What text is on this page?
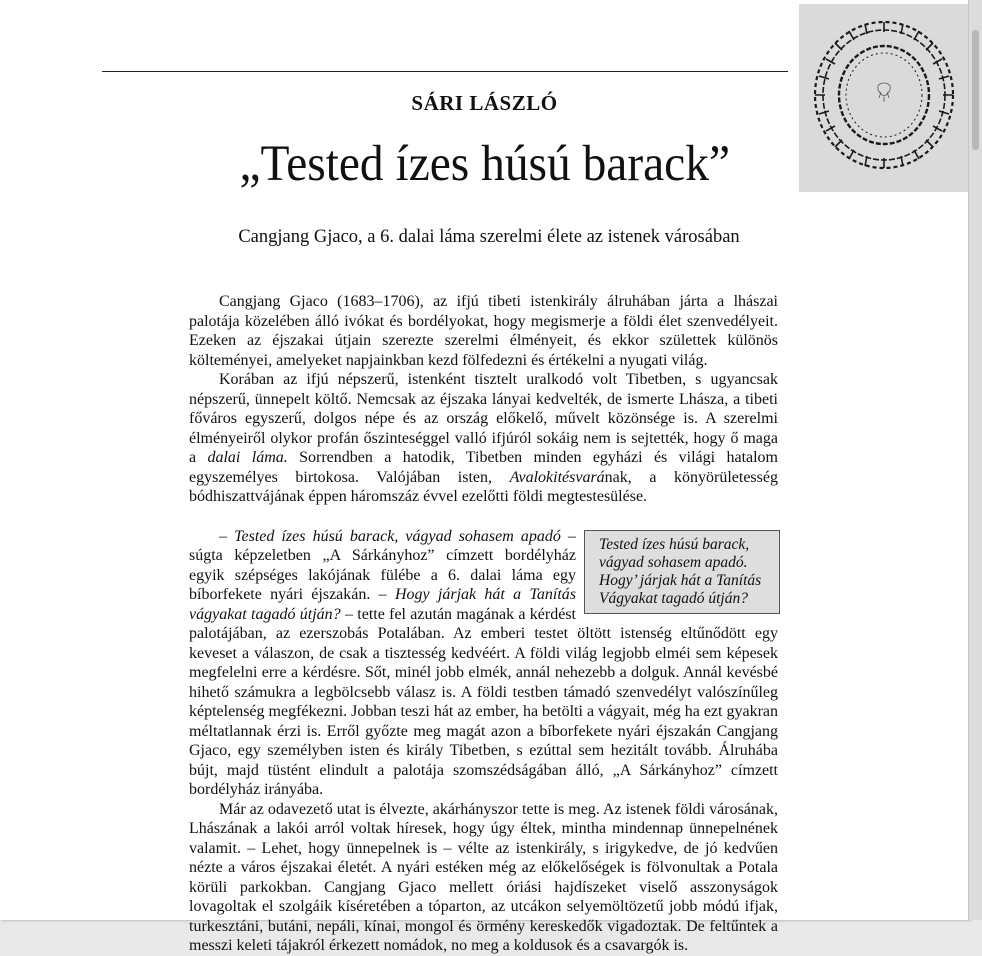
SÁRI LÁSZLÓ
„Tested ízes húsú barack”
Cangjang Gjaco, a 6. dalai láma szerelmi élete az istenek városában

Cangjang Gjaco (1683–1706), az ifjú tibeti istenkirály álruhában járta a lhászai palotája közelében álló ivókat és bordélyokat, hogy megismerje a földi élet szenvedélyeit. Ezeken az éjszakai útjain szerezte szerelmi élményeit, és ekkor születtek különös költeményei, amelyeket napjainkban kezd fölfedezni és értékelni a nyugati világ.

Korában az ifjú népszerű, istenként tisztelt uralkodó volt Tibetben, s ugyancsak népszerű, ünnepelt költő. Nemcsak az éjszaka lányai kedvelték, de ismerte Lhásza, a tibeti főváros egyszerű, dolgos népe és az ország előkelő, művelt közönsége is. A szerelmi élményeiről olykor profán őszinteséggel valló ifjúról sokáig nem is sejtették, hogy ő maga a dalai láma. Sorrendben a hatodik, Tibetben minden egyházi és világi hatalom egyszemélyes birtokosa. Valójában isten, Avalokitésvarának, a könyörületesség bódhiszattvájának éppen háromszáz évvel ezelőtti földi megtestesülése.

Tested ízes húsú barack, vágyad sohasem apadó. Hogy’ járjak hát a Tanítás Vágyakat tagadó útján?
– Tested ízes húsú barack, vágyad sohasem apadó – súgta képzeletben „A Sárkányhoz” címzett bordélyház egyik szépséges lakójának fülébe a 6. dalai láma egy bíborfekete nyári éjszakán. – Hogy járjak hát a Tanítás vágyakat tagadó útján? – tette fel azután magának a kérdést palotájában, az ezerszobás Potalában. Az emberi testet öltött istenség eltűnődött egy keveset a válaszon, de csak a tisztesség kedvéért. A földi világ legjobb elméi sem képesek megfelelni erre a kérdésre. Sőt, minél jobb elmék, annál nehezebb a dolguk. Annál kevésbé hihető számukra a legbölcsebb válasz is. A földi testben támadó szenvedélyt valószínűleg képtelenség megfékezni. Jobban teszi hát az ember, ha betölti a vágyait, még ha ezt gyakran méltatlannak érzi is. Erről győzte meg magát azon a bíborfekete nyári éjszakán Cangjang Gjaco, egy személyben isten és király Tibetben, s ezúttal sem hezitált tovább. Álruhába bújt, majd tüstént elindult a palotája szomszédságában álló, „A Sárkányhoz” címzett bordélyház irányába.

Már az odavezető utat is élvezte, akárhányszor tette is meg. Az istenek földi városának, Lhászának a lakói arról voltak híresek, hogy úgy éltek, mintha mindennap ünnepelnének valamit. – Lehet, hogy ünnepelnek is – vélte az istenkirály, s irigykedve, de jó kedvűen nézte a város éjszakai életét. A nyári estéken még az előkelőségek is fölvonultak a Potala körüli parkokban. Cangjang Gjaco mellett óriási hajdíszeket viselő asszonyságok lovagoltak el szolgáik kíséretében a tóparton, az utcákon selyemöltözetű jobb módú ifjak, turkesztáni, butáni, nepáli, kínai, mongol és örmény kereskedők vigadoztak. De feltűntek a messzi keleti tájakról érkezett nomádok, no meg a koldusok és a csavargók is.
